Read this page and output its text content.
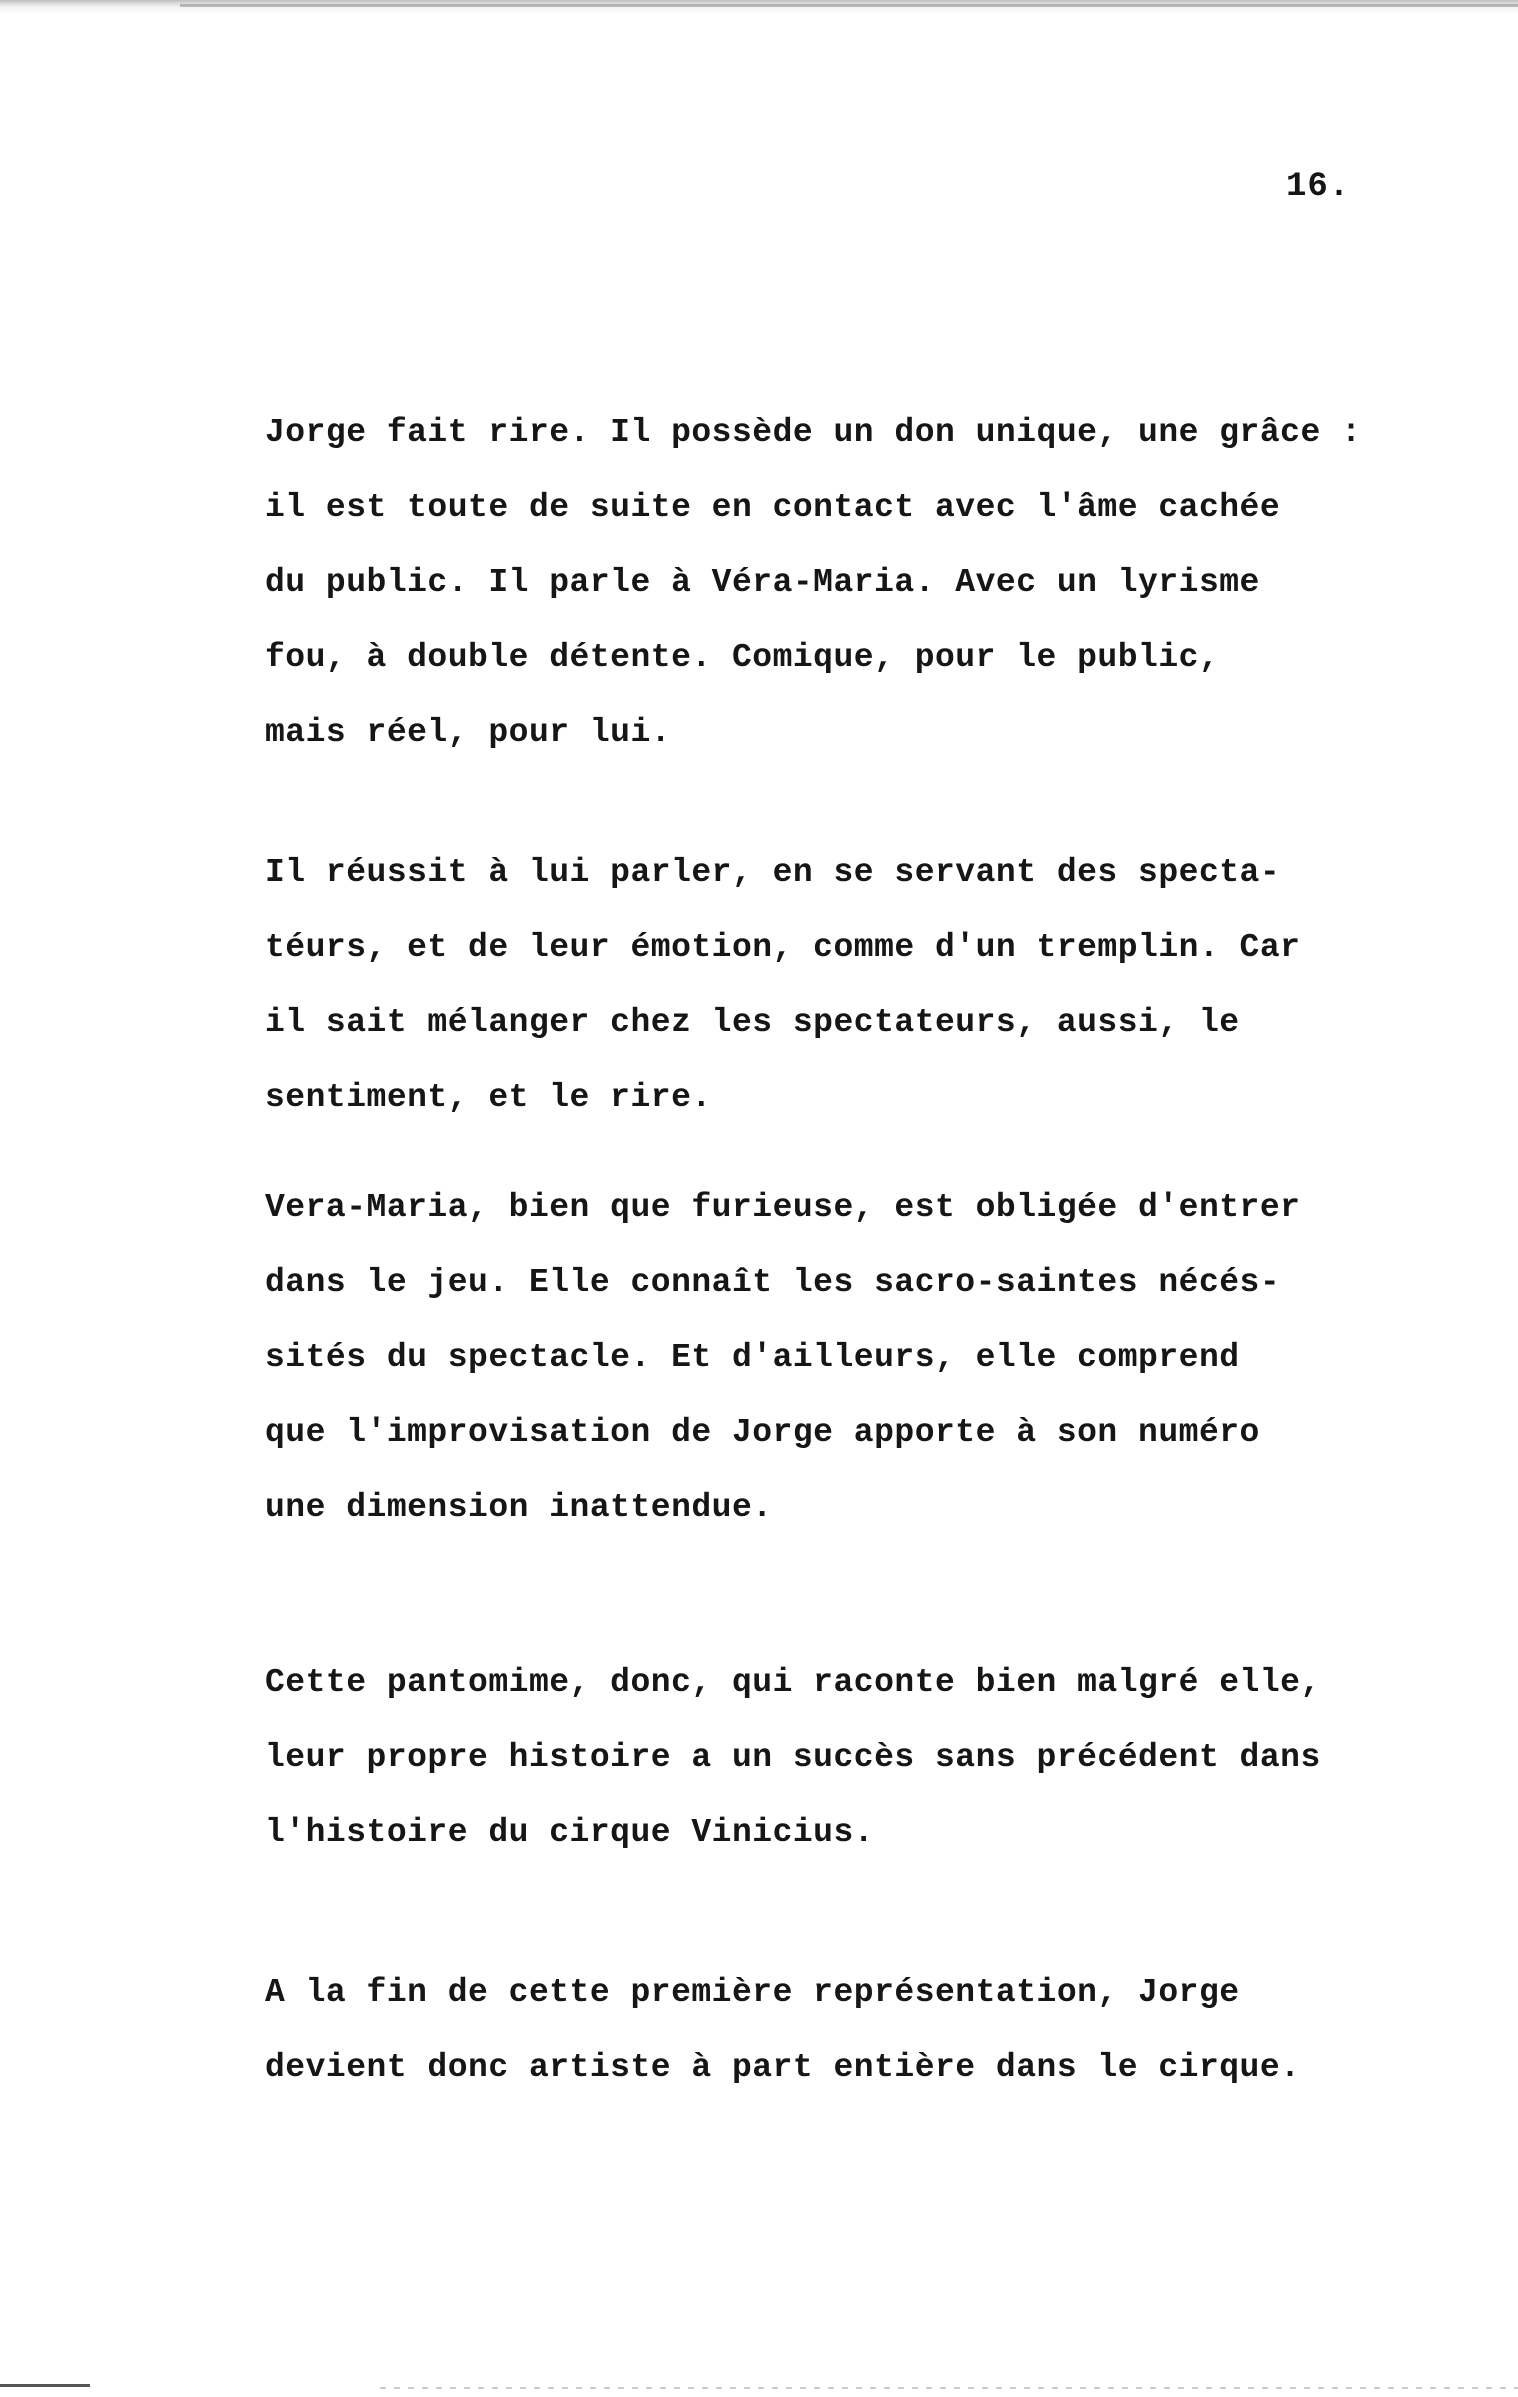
16.
Jorge fait rire. Il possède un don unique, une grâce :
il est toute de suite en contact avec l'âme cachée
du public. Il parle à Véra-Maria. Avec un lyrisme
fou, à double détente. Comique, pour le public,
mais réel, pour lui.
Il réussit à lui parler, en se servant des specta-
téurs, et de leur émotion, comme d'un tremplin. Car
il sait mélanger chez les spectateurs, aussi, le
sentiment, et le rire.
Vera-Maria, bien que furieuse, est obligée d'entrer
dans le jeu. Elle connaît les sacro-saintes nécés-
sités du spectacle. Et d'ailleurs, elle comprend
que l'improvisation de Jorge apporte à son numéro
une dimension inattendue.
Cette pantomime, donc, qui raconte bien malgré elle,
leur propre histoire a un succès sans précédent dans
l'histoire du cirque Vinicius.
A la fin de cette première représentation, Jorge
devient donc artiste à part entière dans le cirque.
